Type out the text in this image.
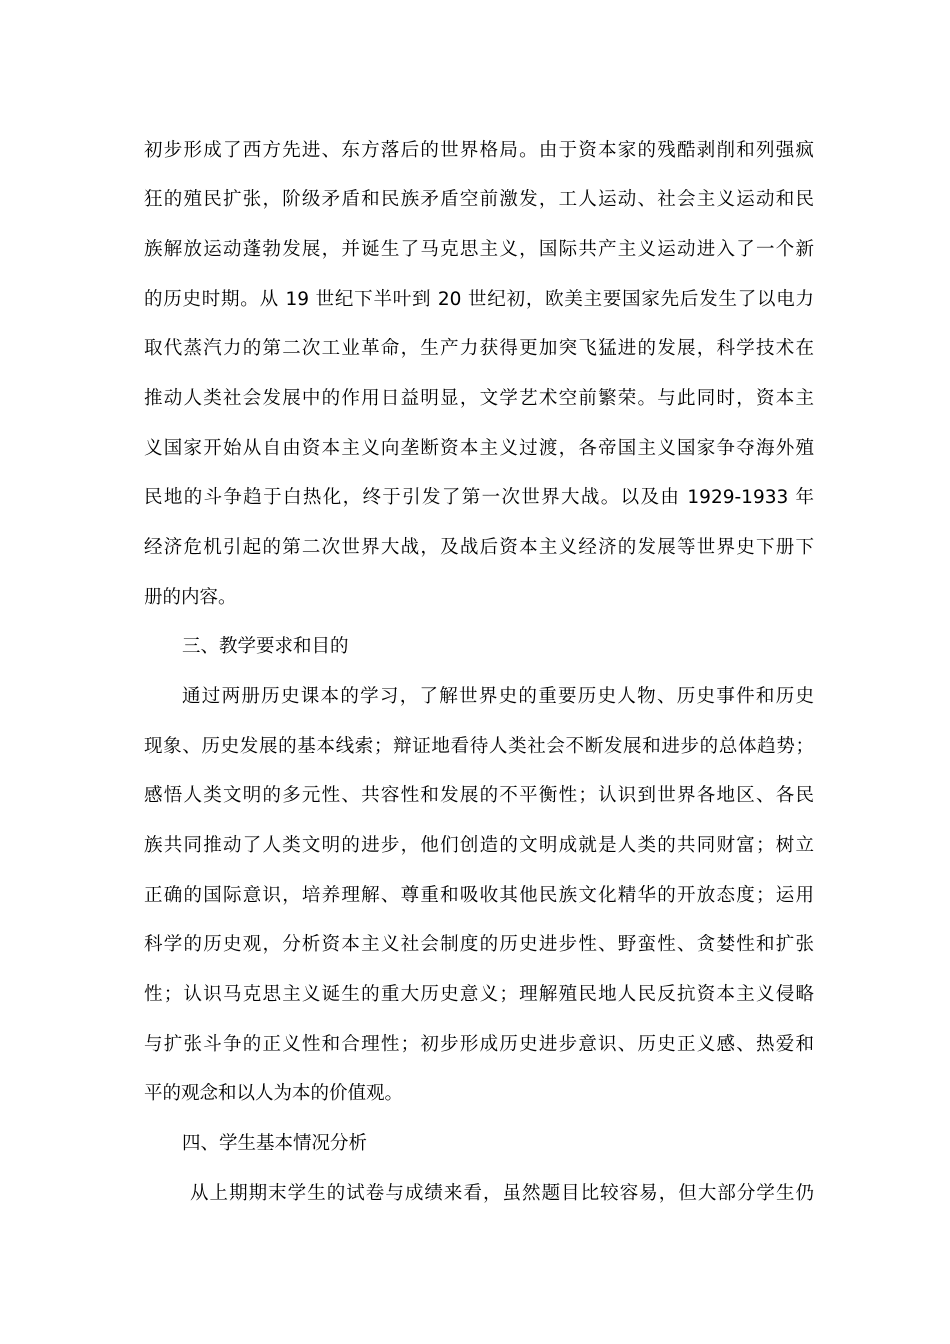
初步形成了西方先进、东方落后的世界格局。由于资本家的残酷剥削和列强疯
狂的殖民扩张，阶级矛盾和民族矛盾空前激发，工人运动、社会主义运动和民
族解放运动蓬勃发展，并诞生了马克思主义，国际共产主义运动进入了一个新
的历史时期。从 19 世纪下半叶到 20 世纪初，欧美主要国家先后发生了以电力
取代蒸汽力的第二次工业革命，生产力获得更加突飞猛进的发展，科学技术在
推动人类社会发展中的作用日益明显，文学艺术空前繁荣。与此同时，资本主
义国家开始从自由资本主义向垄断资本主义过渡，各帝国主义国家争夺海外殖
民地的斗争趋于白热化，终于引发了第一次世界大战。以及由 1929-1933 年
经济危机引起的第二次世界大战，及战后资本主义经济的发展等世界史下册下
册的内容。
三、教学要求和目的
通过两册历史课本的学习，了解世界史的重要历史人物、历史事件和历史
现象、历史发展的基本线索；辩证地看待人类社会不断发展和进步的总体趋势；
感悟人类文明的多元性、共容性和发展的不平衡性；认识到世界各地区、各民
族共同推动了人类文明的进步，他们创造的文明成就是人类的共同财富；树立
正确的国际意识，培养理解、尊重和吸收其他民族文化精华的开放态度；运用
科学的历史观，分析资本主义社会制度的历史进步性、野蛮性、贪婪性和扩张
性；认识马克思主义诞生的重大历史意义；理解殖民地人民反抗资本主义侵略
与扩张斗争的正义性和合理性；初步形成历史进步意识、历史正义感、热爱和
平的观念和以人为本的价值观。
四、学生基本情况分析
从上期期末学生的试卷与成绩来看，虽然题目比较容易，但大部分学生仍
